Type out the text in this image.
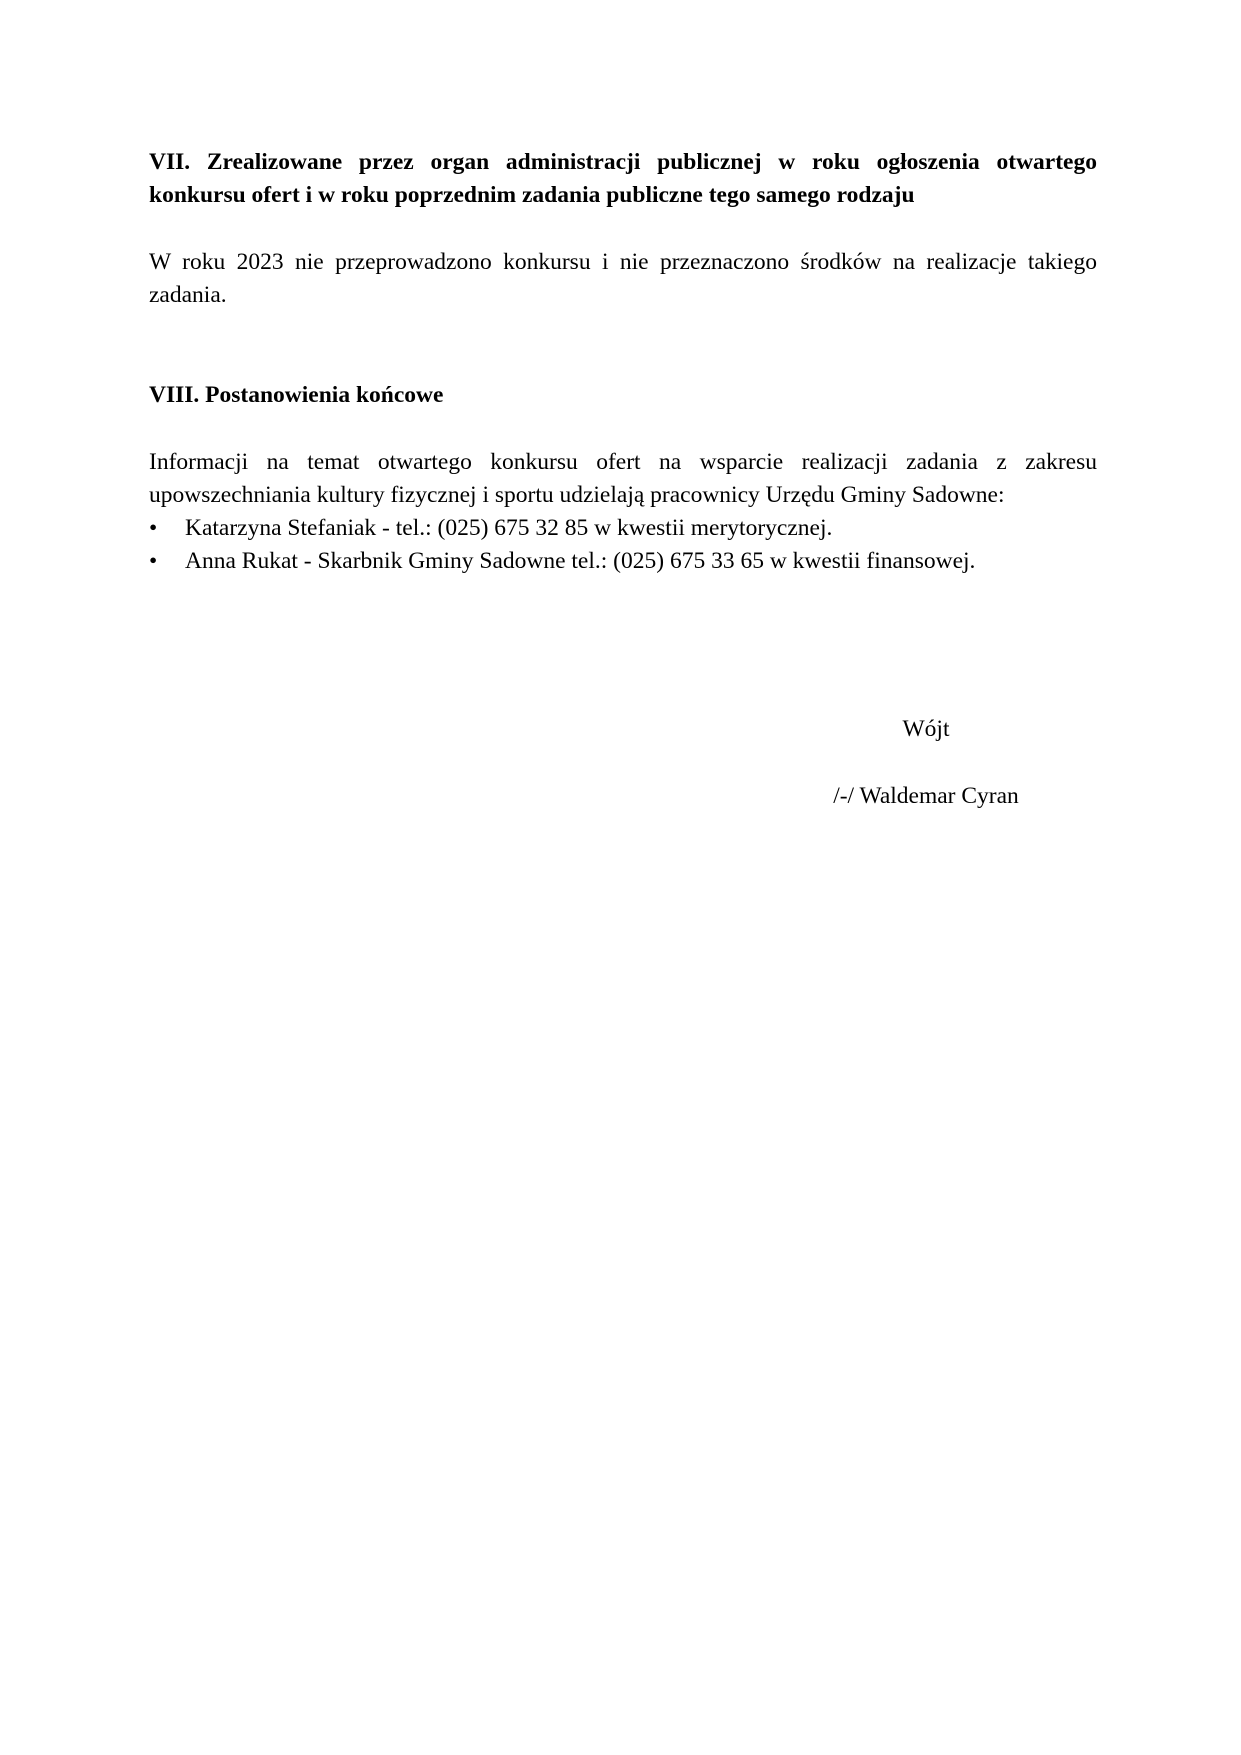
VII. Zrealizowane przez organ administracji publicznej w roku ogłoszenia otwartego konkursu ofert i w roku poprzednim zadania publiczne tego samego rodzaju

W roku 2023 nie przeprowadzono konkursu i nie przeznaczono środków na realizacje takiego zadania.

VIII. Postanowienia końcowe

Informacji na temat otwartego konkursu ofert na wsparcie realizacji zadania z zakresu upowszechniania kultury fizycznej i sportu udzielają pracownicy Urzędu Gminy Sadowne:

•	Katarzyna Stefaniak - tel.: (025) 675 32 85 w kwestii merytorycznej.
•	Anna Rukat - Skarbnik Gminy Sadowne tel.: (025) 675 33 65 w kwestii finansowej.
Wójt
/-/ Waldemar Cyran
